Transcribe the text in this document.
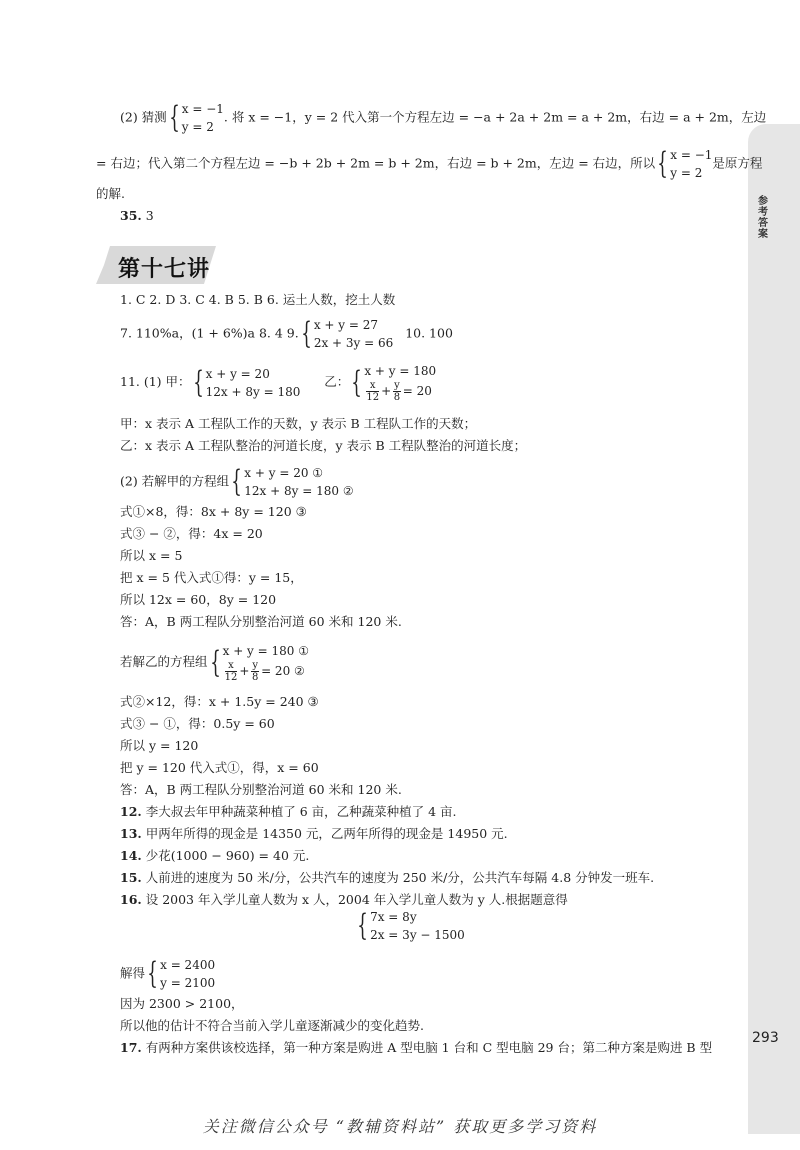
参考答案
(2) 猜测{ x = −1
y = 2
. 将 x = −1，y = 2 代入第一个方程左边 = −a + 2a + 2m = a + 2m，右边 = a + 2m，左边
= 右边；代入第二个方程左边 = −b + 2b + 2m = b + 2m，右边 = b + 2m，左边 = 右边，所以{ x = −1
y = 2
是原方程
的解.
35. 3
第十七讲
1. C 2. D 3. C 4. B 5. B 6. 运土人数，挖土人数
7. 110%a，(1 + 6%)a 8. 4 9.{ x + y = 27
2x + 3y = 66
10. 100
11. (1) 甲：{ x + y = 20
12x + 8y = 180
乙：{ x + y = 180
$\frac{x}{12} + \frac{y}{8} = 20$
甲：x 表示 A 工程队工作的天数，y 表示 B 工程队工作的天数；
乙：x 表示 A 工程队整治的河道长度，y 表示 B 工程队整治的河道长度；
(2) 若解甲的方程组{ x + y = 20 ①
12x + 8y = 180 ②
式①×8，得：8x + 8y = 120 ③
式③ − ②，得：4x = 20
所以 x = 5
把 x = 5 代入式①得：y = 15，
所以 12x = 60，8y = 120
答：A，B 两工程队分别整治河道 60 米和 120 米.
若解乙的方程组{ x + y = 180 ①
$\frac{x}{12} + \frac{y}{8} = 20$ ②
式②×12，得：x + 1.5y = 240 ③
式③ − ①，得：0.5y = 60
所以 y = 120
把 y = 120 代入式①，得，x = 60
答：A，B 两工程队分别整治河道 60 米和 120 米.
12. 李大叔去年甲种蔬菜种植了 6 亩，乙种蔬菜种植了 4 亩.
13. 甲两年所得的现金是 14350 元，乙两年所得的现金是 14950 元.
14. 少花(1000 − 960) = 40 元.
15. 人前进的速度为 50 米/分，公共汽车的速度为 250 米/分，公共汽车每隔 4.8 分钟发一班车.
16. 设 2003 年入学儿童人数为 x 人，2004 年入学儿童人数为 y 人.根据题意得
{ 7x = 8y
2x = 3y − 1500
解得{ x = 2400
y = 2100
因为 2300 > 2100，
所以他的估计不符合当前入学儿童逐渐减少的变化趋势.
17. 有两种方案供该校选择，第一种方案是购进 A 型电脑 1 台和 C 型电脑 29 台；第二种方案是购进 B 型
293
关注微信公众号 “教辅资料站” 获取更多学习资料
